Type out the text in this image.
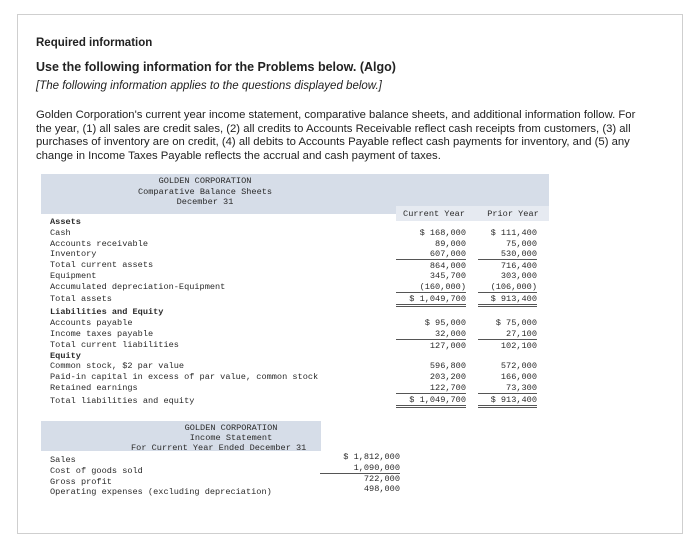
Required information
Use the following information for the Problems below. (Algo)
[The following information applies to the questions displayed below.]
Golden Corporation's current year income statement, comparative balance sheets, and additional information follow. For the year, (1) all sales are credit sales, (2) all credits to Accounts Receivable reflect cash receipts from customers, (3) all purchases of inventory are on credit, (4) all debits to Accounts Payable reflect cash payments for inventory, and (5) any change in Income Taxes Payable reflects the accrual and cash payment of taxes.
GOLDEN CORPORATION
Comparative Balance Sheets
December 31
Current Year	Prior Year
Assets
Cash	$ 168,000	$ 111,400
Accounts receivable	89,000	75,000
Inventory	607,000	530,000
Total current assets	864,000	716,400
Equipment	345,700	303,000
Accumulated depreciation-Equipment	(160,000)	(106,000)
Total assets	$ 1,049,700	$ 913,400
Liabilities and Equity
Accounts payable	$ 95,000	$ 75,000
Income taxes payable	32,000	27,100
Total current liabilities	127,000	102,100
Equity
Common stock, $2 par value	596,800	572,000
Paid-in capital in excess of par value, common stock	203,200	166,000
Retained earnings	122,700	73,300
Total liabilities and equity	$ 1,049,700	$ 913,400
GOLDEN CORPORATION
Income Statement
For Current Year Ended December 31
Sales	$ 1,812,000
Cost of goods sold	1,090,000
Gross profit	722,000
Operating expenses (excluding depreciation)	498,000
